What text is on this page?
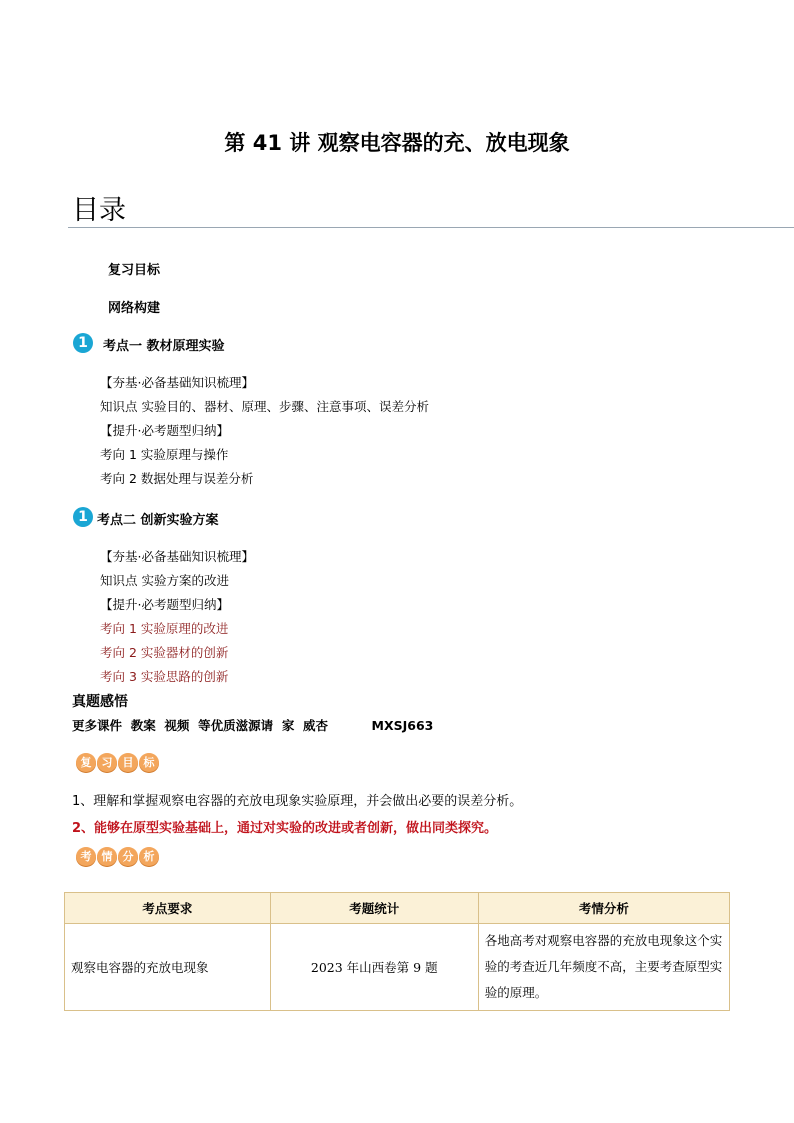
第 41 讲 观察电容器的充、放电现象
目录
复习目标
网络构建
1	考点一 教材原理实验
【夯基·必备基础知识梳理】
知识点 实验目的、器材、原理、步骤、注意事项、误差分析
【提升·必考题型归纳】
考向 1 实验原理与操作
考向 2 数据处理与误差分析
1 考点二 创新实验方案
【夯基·必备基础知识梳理】
知识点 实验方案的改进
【提升·必考题型归纳】
考向 1 实验原理的改进
考向 2 实验器材的创新
考向 3 实验思路的创新
真题感悟
更多课件  教案  视频  等优质滋源请  家  威杏          MXSJ663
复 习 目 标
1、理解和掌握观察电容器的充放电现象实验原理，并会做出必要的误差分析。
2、能够在原型实验基础上，通过对实验的改进或者创新，做出同类探究。
考 情 分 析
考点要求	考题统计	考情分析
观察电容器的充放电现象	2023 年山西卷第 9 题	各地高考对观察电容器的充放电现象这个实验的考查近几年频度不高，主要考查原型实验的原理。
